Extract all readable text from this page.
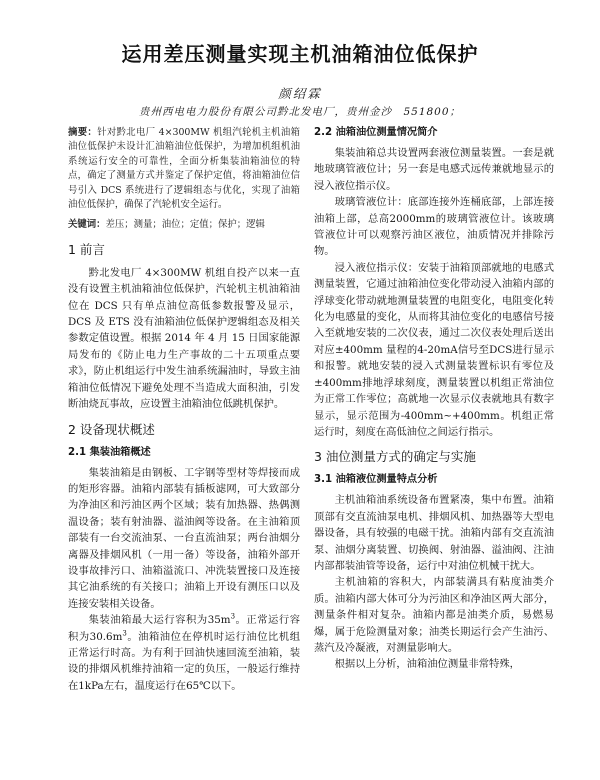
运用差压测量实现主机油箱油位低保护
颜绍霖
贵州西电电力股份有限公司黔北发电厂，贵州金沙　551800；

摘要：针对黔北电厂 4×300MW 机组汽轮机主机油箱油位低保护未设计汇油箱油位低保护，为增加机组机油系统运行安全的可靠性，全面分析集装油箱油位的特点，确定了测量方式并鉴定了保护定值，将油箱油位信号引入 DCS 系统进行了逻辑组态与优化，实现了油箱油位低保护，确保了汽轮机安全运行。

关键词：差压；测量；油位；定值；保护；逻辑

1 前言

黔北发电厂 4×300MW 机组自投产以来一直没有设置主机油箱油位低保护，汽轮机主机油箱油位在 DCS 只有单点油位高低参数报警及显示，DCS 及 ETS 没有油箱油位低保护逻辑组态及相关参数定值设置。根据 2014 年 4 月 15 日国家能源局发布的《防止电力生产事故的二十五项重点要求》，防止机组运行中发生油系统漏油时，导致主油箱油位低情况下避免处理不当造成大面积油，引发断油烧瓦事故，应设置主油箱油位低跳机保护。

2 设备现状概述
2.1 集装油箱概述

集装油箱是由钢板、工字钢等型材等焊接而成的矩形容器。油箱内部装有插板滤网，可大致部分为净油区和污油区两个区域；装有加热器、热偶测温设备；装有射油器、溢油阀等设备。在主油箱顶部装有一台交流油泵、一台直流油泵；两台油烟分离器及排烟风机（一用一备）等设备，油箱外部开设事故排污口、油箱溢流口、冲洗装置接口及连接其它油系统的有关接口；油箱上开设有测压口以及连接安装相关设备。

集装油箱最大运行容积为$35m^3$。正常运行容积为$30.6m^3$。油箱油位在停机时运行油位比机组正常运行时高。为有利于回油快速回流至油箱，装设的排烟风机维持油箱一定的负压，一般运行维持在1kPa左右，温度运行在65℃以下。

2.2 油箱油位测量情况简介

集装油箱总共设置两套液位测量装置。一套是就地玻璃管液位计；另一套是电感式远传兼就地显示的浸入液位指示仪。

玻璃管液位计：底部连接外连桶底部，上部连接油箱上部，总高2000mm的玻璃管液位计。该玻璃管液位计可以观察污油区液位，油质情况并排除污物。

浸入液位指示仪：安装于油箱顶部就地的电感式测量装置，它通过油箱油位变化带动浸入油箱内部的浮球变化带动就地测量装置的电阻变化，电阻变化转化为电感量的变化，从而将其油位变化的电感信号接入至就地安装的二次仪表，通过二次仪表处理后送出对应±400mm 量程的4-20mA信号至DCS进行显示和报警。就地安装的浸入式测量装置标识有零位及±400mm排地浮球刻度，测量装置以机组正常油位为正常工作零位；高就地一次显示仪表就地具有数字显示，显示范围为-400mm~+400mm。机组正常运行时，刻度在高低油位之间运行指示。

3 油位测量方式的确定与实施
3.1 油箱液位测量特点分析

主机油箱油系统设备布置紧凑，集中布置。油箱顶部有交直流油泵电机、排烟风机、加热器等大型电器设备，具有较强的电磁干扰。油箱内部有交直流油泵、油烟分离装置、切换阀、射油器、溢油阀、注油内部都装油管等设备，运行中对油位机械干扰大。

主机油箱的容积大，内部装满具有粘度油类介质。油箱内部大体可分为污油区和净油区两大部分，测量条件相对复杂。油箱内都是油类介质，易燃易爆，属于危险测量对象；油类长期运行会产生油污、蒸汽及冷凝液，对测量影响大。

根据以上分析，油箱油位测量非常特殊，
